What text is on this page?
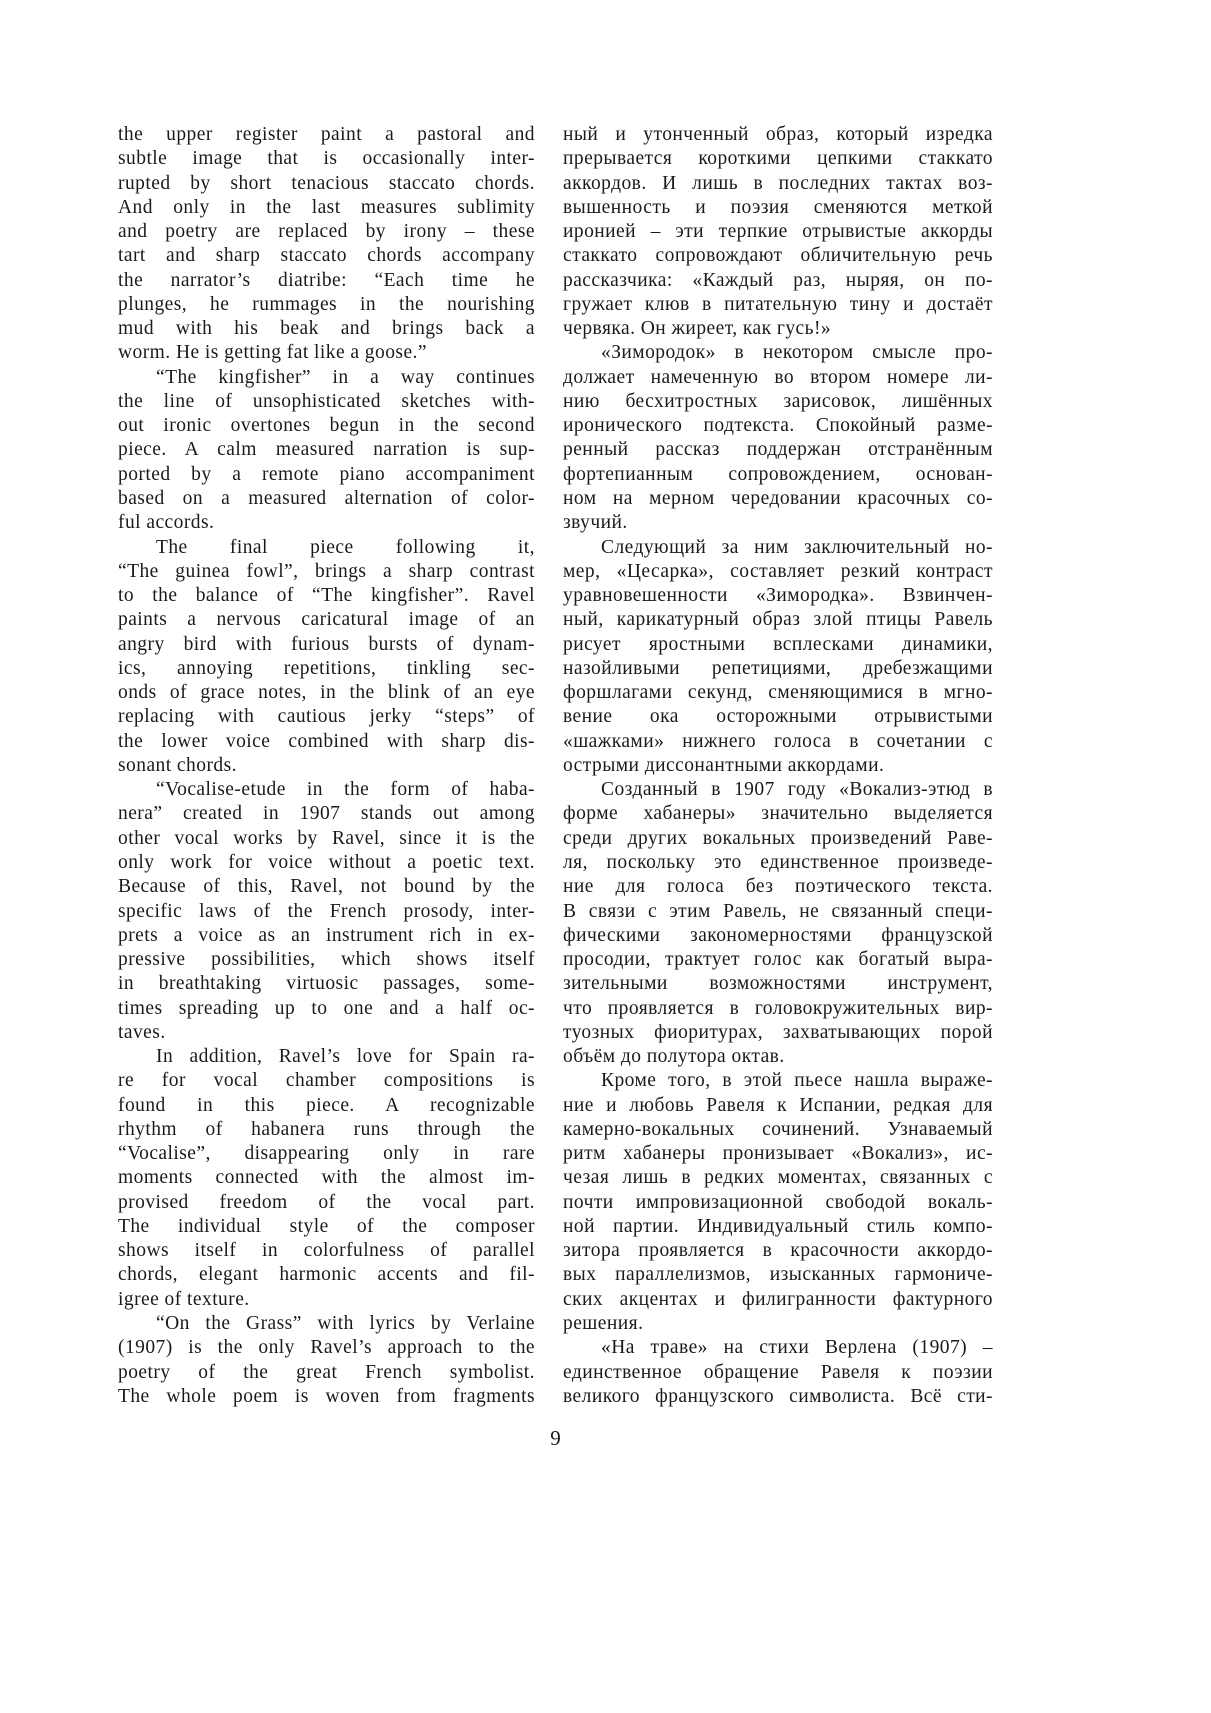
the upper register paint a pastoral and
subtle image that is occasionally inter-
rupted by short tenacious staccato chords.
And only in the last measures sublimity
and poetry are replaced by irony – these
tart and sharp staccato chords accompany
the narrator’s diatribe: “Each time he
plunges, he rummages in the nourishing
mud with his beak and brings back a
worm. He is getting fat like a goose.”
“The kingfisher” in a way continues
the line of unsophisticated sketches with-
out ironic overtones begun in the second
piece. A calm measured narration is sup-
ported by a remote piano accompaniment
based on a measured alternation of color-
ful accords.
The final piece following it,
“The guinea fowl”, brings a sharp contrast
to the balance of “The kingfisher”. Ravel
paints a nervous caricatural image of an
angry bird with furious bursts of dynam-
ics, annoying repetitions, tinkling sec-
onds of grace notes, in the blink of an eye
replacing with cautious jerky “steps” of
the lower voice combined with sharp dis-
sonant chords.
“Vocalise-etude in the form of haba-
nera” created in 1907 stands out among
other vocal works by Ravel, since it is the
only work for voice without a poetic text.
Because of this, Ravel, not bound by the
specific laws of the French prosody, inter-
prets a voice as an instrument rich in ex-
pressive possibilities, which shows itself
in breathtaking virtuosic passages, some-
times spreading up to one and a half oc-
taves.
In addition, Ravel’s love for Spain ra-
re for vocal chamber compositions is
found in this piece. A recognizable
rhythm of habanera runs through the
“Vocalise”, disappearing only in rare
moments connected with the almost im-
provised freedom of the vocal part.
The individual style of the composer
shows itself in colorfulness of parallel
chords, elegant harmonic accents and fil-
igree of texture.
“On the Grass” with lyrics by Verlaine
(1907) is the only Ravel’s approach to the
poetry of the great French symbolist.
The whole poem is woven from fragments
ный и утонченный образ, который изредка
прерывается короткими цепкими стаккато
аккордов. И лишь в последних тактах воз-
вышенность и поэзия сменяются меткой
иронией – эти терпкие отрывистые аккорды
стаккато сопровождают обличительную речь
рассказчика: «Каждый раз, ныряя, он по-
гружает клюв в питательную тину и достаёт
червяка. Он жиреет, как гусь!»
«Зимородок» в некотором смысле про-
должает намеченную во втором номере ли-
нию бесхитростных зарисовок, лишённых
иронического подтекста. Спокойный разме-
ренный рассказ поддержан отстранённым
фортепианным сопровождением, основан-
ном на мерном чередовании красочных со-
звучий.
Следующий за ним заключительный но-
мер, «Цесарка», составляет резкий контраст
уравновешенности «Зимородка». Взвинчен-
ный, карикатурный образ злой птицы Равель
рисует яростными всплесками динамики,
назойливыми репетициями, дребезжащими
форшлагами секунд, сменяющимися в мгно-
вение ока осторожными отрывистыми
«шажками» нижнего голоса в сочетании с
острыми диссонантными аккордами.
Созданный в 1907 году «Вокализ-этюд в
форме хабанеры» значительно выделяется
среди других вокальных произведений Раве-
ля, поскольку это единственное произведе-
ние для голоса без поэтического текста.
В связи с этим Равель, не связанный специ-
фическими закономерностями французской
просодии, трактует голос как богатый выра-
зительными возможностями инструмент,
что проявляется в головокружительных вир-
туозных фиоритурах, захватывающих порой
объём до полутора октав.
Кроме того, в этой пьесе нашла выраже-
ние и любовь Равеля к Испании, редкая для
камерно-вокальных сочинений. Узнаваемый
ритм хабанеры пронизывает «Вокализ», ис-
чезая лишь в редких моментах, связанных с
почти импровизационной свободой вокаль-
ной партии. Индивидуальный стиль компо-
зитора проявляется в красочности аккордо-
вых параллелизмов, изысканных гармониче-
ских акцентах и филигранности фактурного
решения.
«На траве» на стихи Верлена (1907) –
единственное обращение Равеля к поэзии
великого французского символиста. Всё сти-
9
